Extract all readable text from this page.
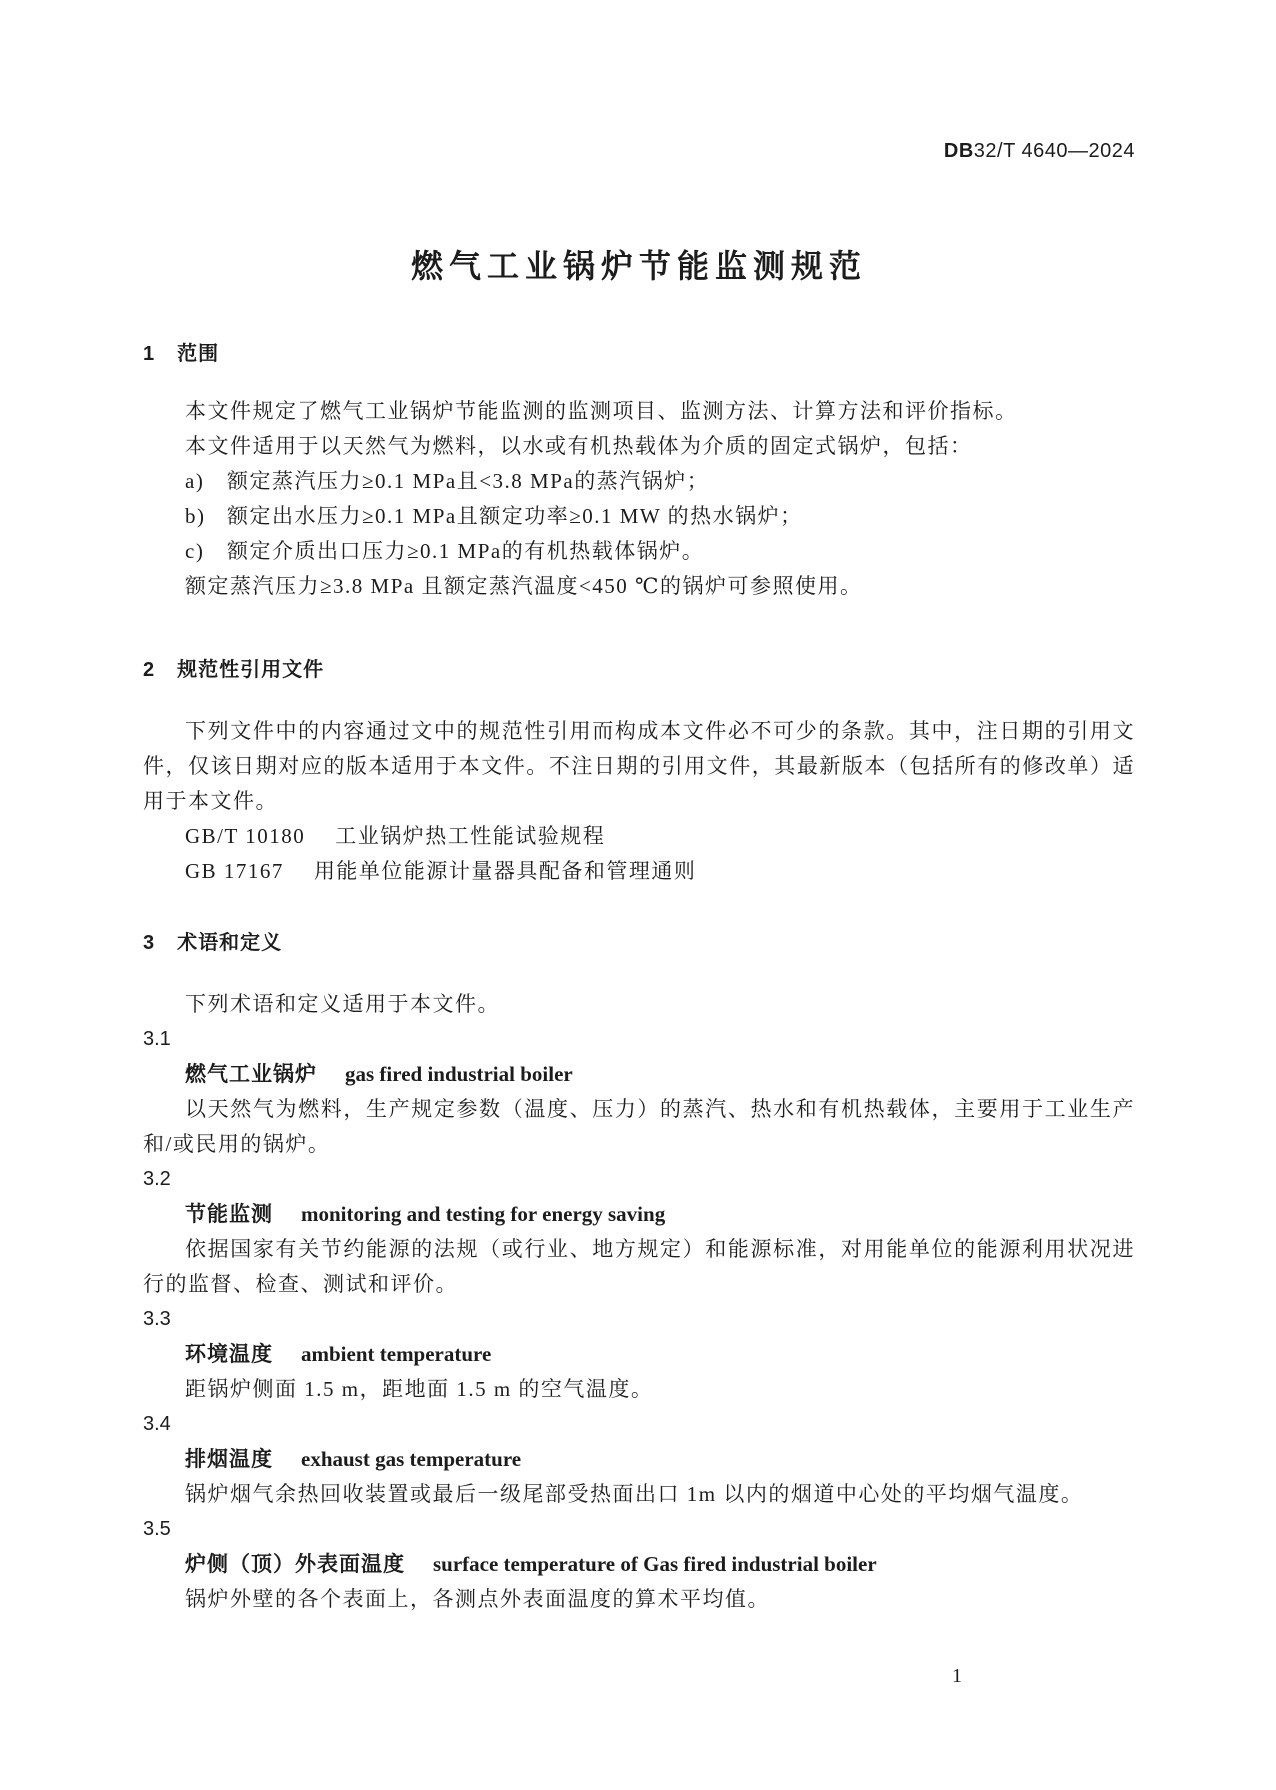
DB32/T 4640—2024
燃气工业锅炉节能监测规范
1 范围

本文件规定了燃气工业锅炉节能监测的监测项目、监测方法、计算方法和评价指标。

本文件适用于以天然气为燃料，以水或有机热载体为介质的固定式锅炉，包括：

a) 额定蒸汽压力≥0.1 MPa且<3.8 MPa的蒸汽锅炉；
b) 额定出水压力≥0.1 MPa且额定功率≥0.1 MW 的热水锅炉；
c) 额定介质出口压力≥0.1 MPa的有机热载体锅炉。

额定蒸汽压力≥3.8 MPa 且额定蒸汽温度<450 ℃的锅炉可参照使用。

2 规范性引用文件

下列文件中的内容通过文中的规范性引用而构成本文件必不可少的条款。其中，注日期的引用文件，仅该日期对应的版本适用于本文件。不注日期的引用文件，其最新版本（包括所有的修改单）适用于本文件。

GB/T 10180 工业锅炉热工性能试验规程

GB 17167 用能单位能源计量器具配备和管理通则

3 术语和定义

下列术语和定义适用于本文件。

3.1
燃气工业锅炉 gas fired industrial boiler

以天然气为燃料，生产规定参数（温度、压力）的蒸汽、热水和有机热载体，主要用于工业生产和/或民用的锅炉。

3.2
节能监测 monitoring and testing for energy saving

依据国家有关节约能源的法规（或行业、地方规定）和能源标准，对用能单位的能源利用状况进行的监督、检查、测试和评价。

3.3
环境温度 ambient temperature

距锅炉侧面 1.5 m，距地面 1.5 m 的空气温度。

3.4
排烟温度 exhaust gas temperature

锅炉烟气余热回收装置或最后一级尾部受热面出口 1m 以内的烟道中心处的平均烟气温度。

3.5
炉侧（顶）外表面温度 surface temperature of Gas fired industrial boiler

锅炉外壁的各个表面上，各测点外表面温度的算术平均值。

1
